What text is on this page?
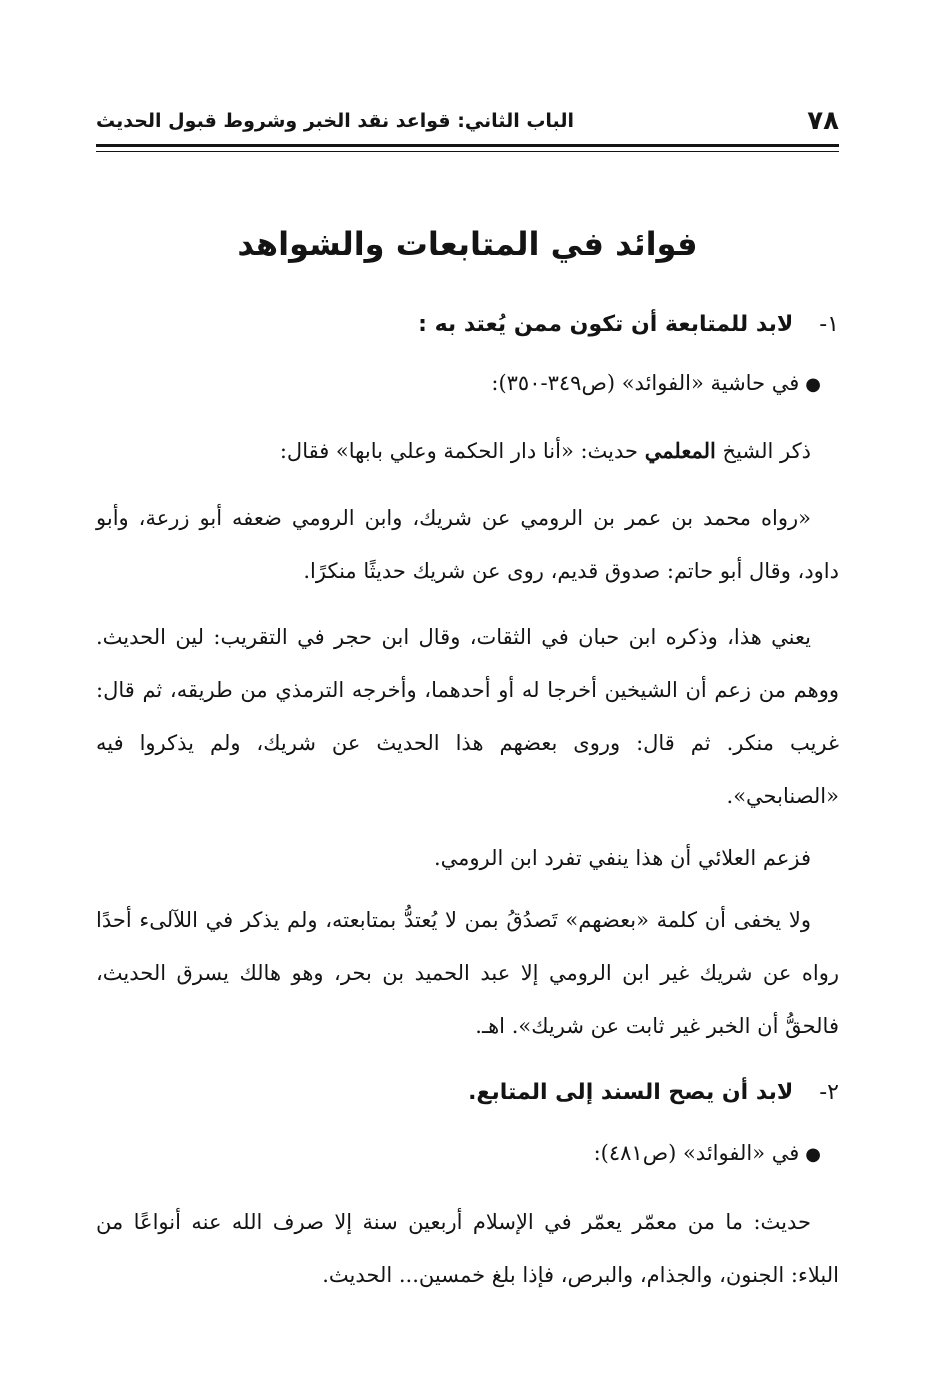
٧٨
الباب الثاني: قواعد نقد الخبر وشروط قبول الحديث
فوائد في المتابعات والشواهد
١-
لابد للمتابعة أن تكون ممن يُعتد به :
●في حاشية «الفوائد» (ص٣٤٩-٣٥٠):

ذكر الشيخ المعلمي حديث: «أنا دار الحكمة وعلي بابها» فقال:

«رواه محمد بن عمر بن الرومي عن شريك، وابن الرومي ضعفه أبو زرعة، وأبو داود، وقال أبو حاتم: صدوق قديم، روى عن شريك حديثًا منكرًا.

يعني هذا، وذكره ابن حبان في الثقات، وقال ابن حجر في التقريب: لين الحديث. ووهم من زعم أن الشيخين أخرجا له أو أحدهما، وأخرجه الترمذي من طريقه، ثم قال: غريب منكر. ثم قال: وروى بعضهم هذا الحديث عن شريك، ولم يذكروا فيه «الصنابحي».

فزعم العلائي أن هذا ينفي تفرد ابن الرومي.

ولا يخفى أن كلمة «بعضهم» تَصدُقُ بمن لا يُعتدُّ بمتابعته، ولم يذكر في اللآلىء أحدًا رواه عن شريك غير ابن الرومي إلا عبد الحميد بن بحر، وهو هالك يسرق الحديث، فالحقُّ أن الخبر غير ثابت عن شريك». اهـ.

٢-
لابد أن يصح السند إلى المتابع.
●في «الفوائد» (ص٤٨١):

حديث: ما من معمّر يعمّر في الإسلام أربعين سنة إلا صرف الله عنه أنواعًا من البلاء: الجنون، والجذام، والبرص، فإذا بلغ خمسين... الحديث.
